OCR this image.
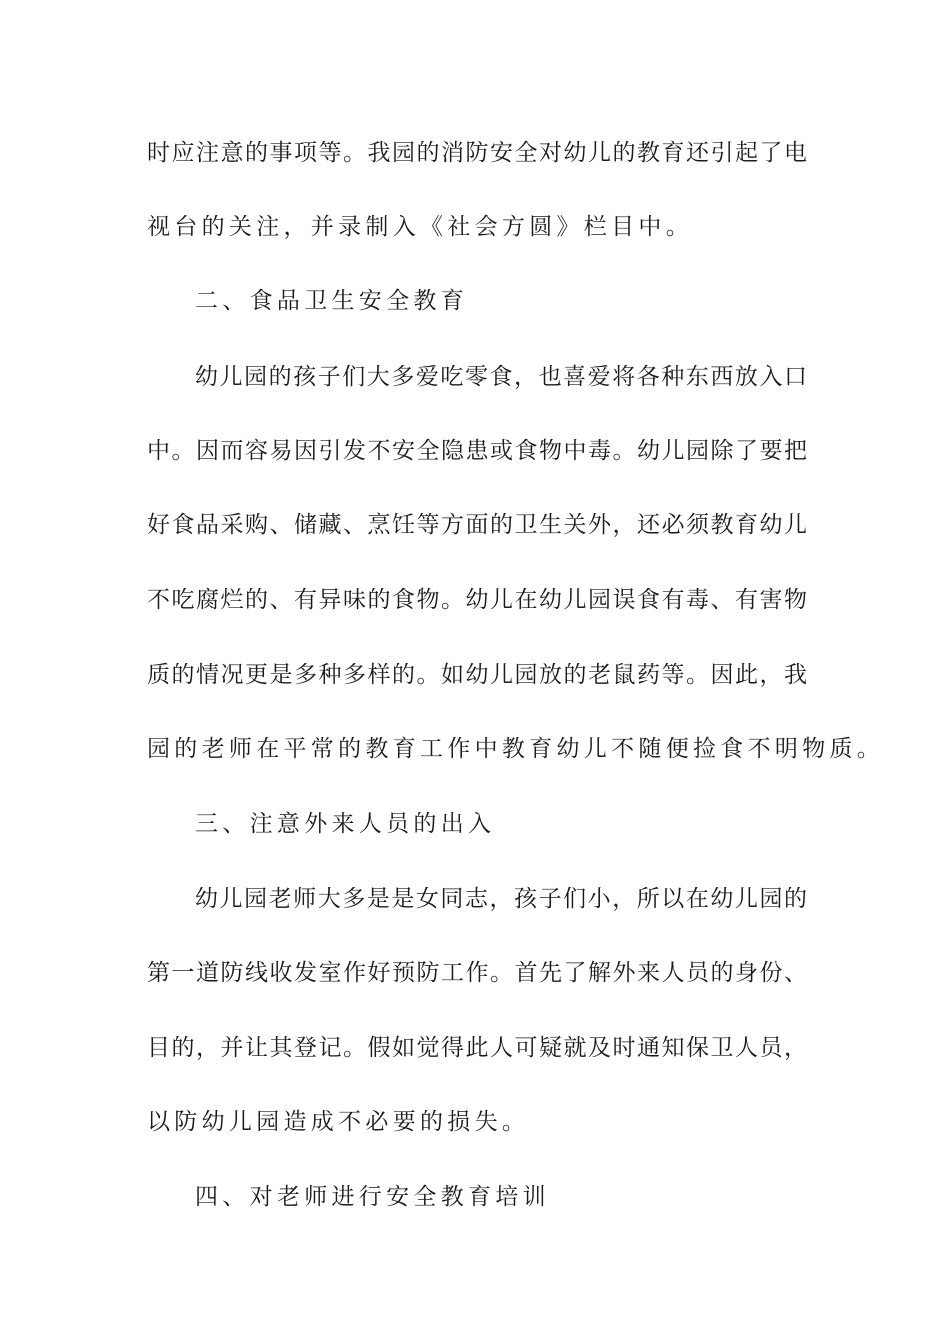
时应注意的事项等。我园的消防安全对幼儿的教育还引起了电
视台的关注，并录制入《社会方圆》栏目中。
二、食品卫生安全教育
幼儿园的孩子们大多爱吃零食，也喜爱将各种东西放入口
中。因而容易因引发不安全隐患或食物中毒。幼儿园除了要把
好食品采购、储藏、烹饪等方面的卫生关外，还必须教育幼儿
不吃腐烂的、有异味的食物。幼儿在幼儿园误食有毒、有害物
质的情况更是多种多样的。如幼儿园放的老鼠药等。因此，我
园的老师在平常的教育工作中教育幼儿不随便捡食不明物质。
三、注意外来人员的出入
幼儿园老师大多是是女同志，孩子们小，所以在幼儿园的
第一道防线收发室作好预防工作。首先了解外来人员的身份、
目的，并让其登记。假如觉得此人可疑就及时通知保卫人员，
以防幼儿园造成不必要的损失。
四、对老师进行安全教育培训
